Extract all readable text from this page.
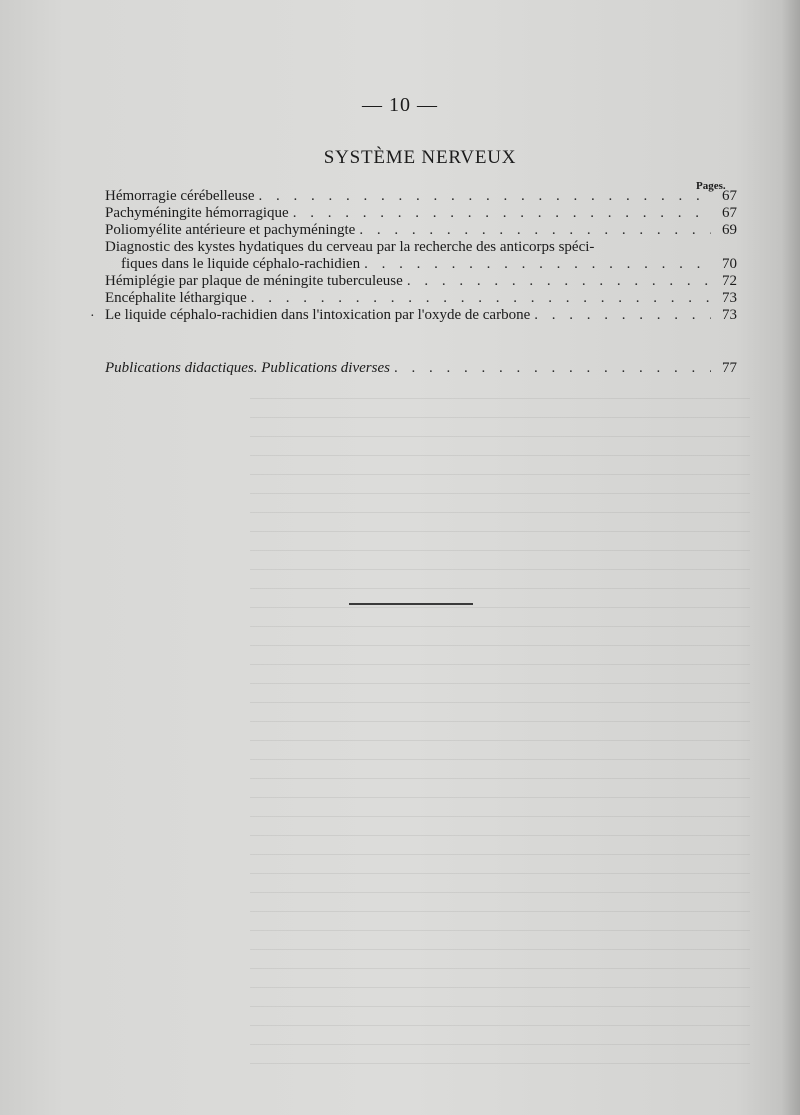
— 10 —
SYSTÈME NERVEUX
Pages.
Hémorragie cérébelleuse . . .	67
Pachyméningite hémorragique . . .	67
Poliomyélite antérieure et pachyméningte . . .	69
Diagnostic des kystes hydatiques du cerveau par la recherche des anticorps spéci-
fiques dans le liquide céphalo-rachidien . . .	70
Hémiplégie par plaque de méningite tuberculeuse . . .	72
Encéphalite léthargique . . .	73
· Le liquide céphalo-rachidien dans l'intoxication par l'oxyde de carbone . . .	73
Publications didactiques. Publications diverses . . .	77
